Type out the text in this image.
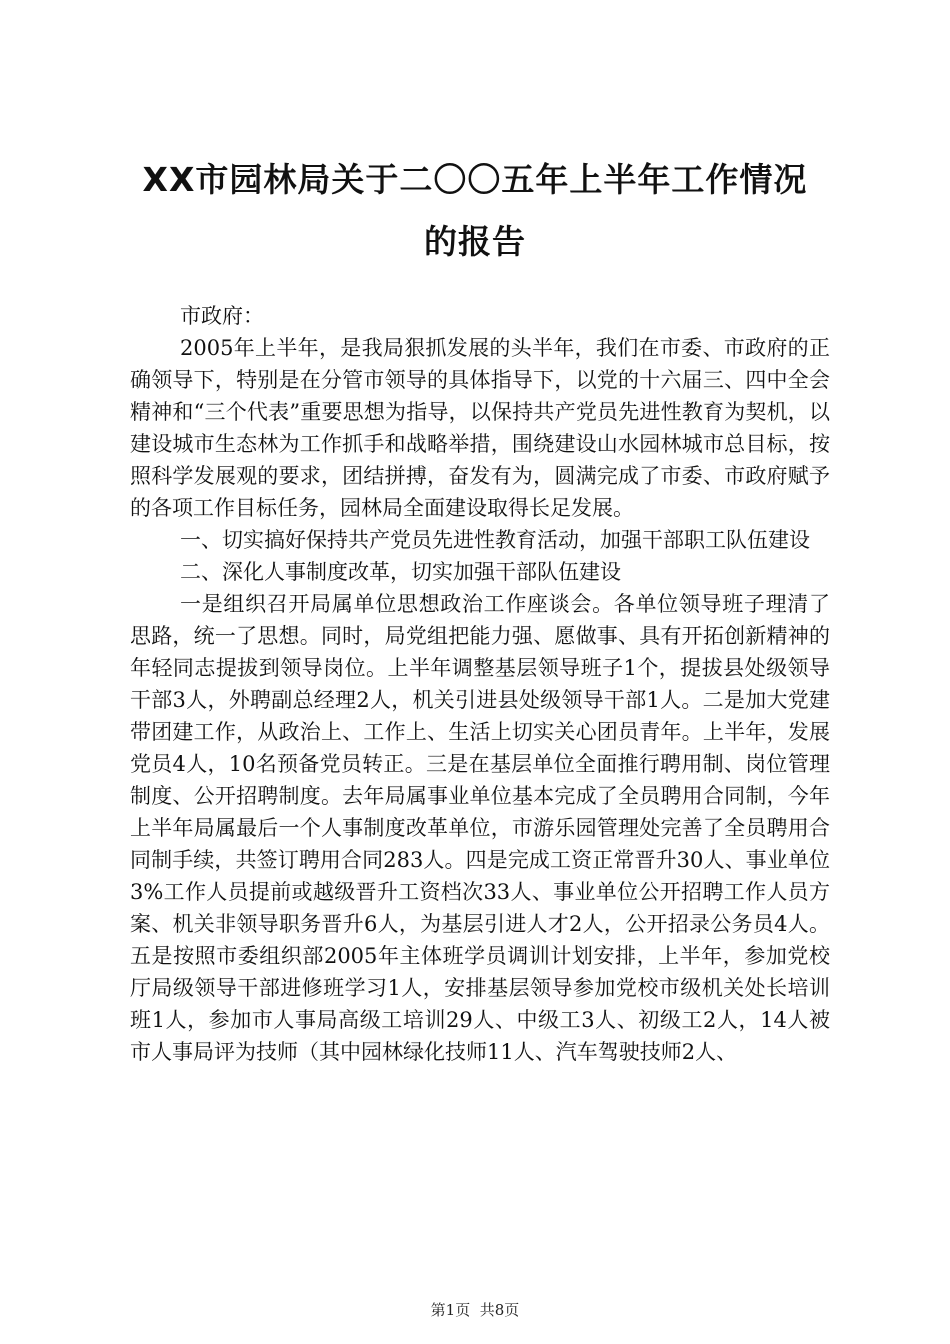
XX市园林局关于二〇〇五年上半年工作情况
的报告

市政府：

2005年上半年，是我局狠抓发展的头半年，我们在市委、市政府的正确领导下，特别是在分管市领导的具体指导下，以党的十六届三、四中全会精神和“三个代表”重要思想为指导，以保持共产党员先进性教育为契机，以建设城市生态林为工作抓手和战略举措，围绕建设山水园林城市总目标，按照科学发展观的要求，团结拼搏，奋发有为，圆满完成了市委、市政府赋予的各项工作目标任务，园林局全面建设取得长足发展。

一、切实搞好保持共产党员先进性教育活动，加强干部职工队伍建设

二、深化人事制度改革，切实加强干部队伍建设

一是组织召开局属单位思想政治工作座谈会。各单位领导班子理清了思路，统一了思想。同时，局党组把能力强、愿做事、具有开拓创新精神的年轻同志提拔到领导岗位。上半年调整基层领导班子1个，提拔县处级领导干部3人，外聘副总经理2人，机关引进县处级领导干部1人。二是加大党建带团建工作，从政治上、工作上、生活上切实关心团员青年。上半年，发展党员4人，10名预备党员转正。三是在基层单位全面推行聘用制、岗位管理制度、公开招聘制度。去年局属事业单位基本完成了全员聘用合同制，今年上半年局属最后一个人事制度改革单位，市游乐园管理处完善了全员聘用合同制手续，共签订聘用合同283人。四是完成工资正常晋升30人、事业单位3%工作人员提前或越级晋升工资档次33人、事业单位公开招聘工作人员方案、机关非领导职务晋升6人，为基层引进人才2人，公开招录公务员4人。五是按照市委组织部2005年主体班学员调训计划安排，上半年，参加党校厅局级领导干部进修班学习1人，安排基层领导参加党校市级机关处长培训班1人，参加市人事局高级工培训29人、中级工3人、初级工2人，14人被市人事局评为技师（其中园林绿化技师11人、汽车驾驶技师2人、

第1页 共8页
